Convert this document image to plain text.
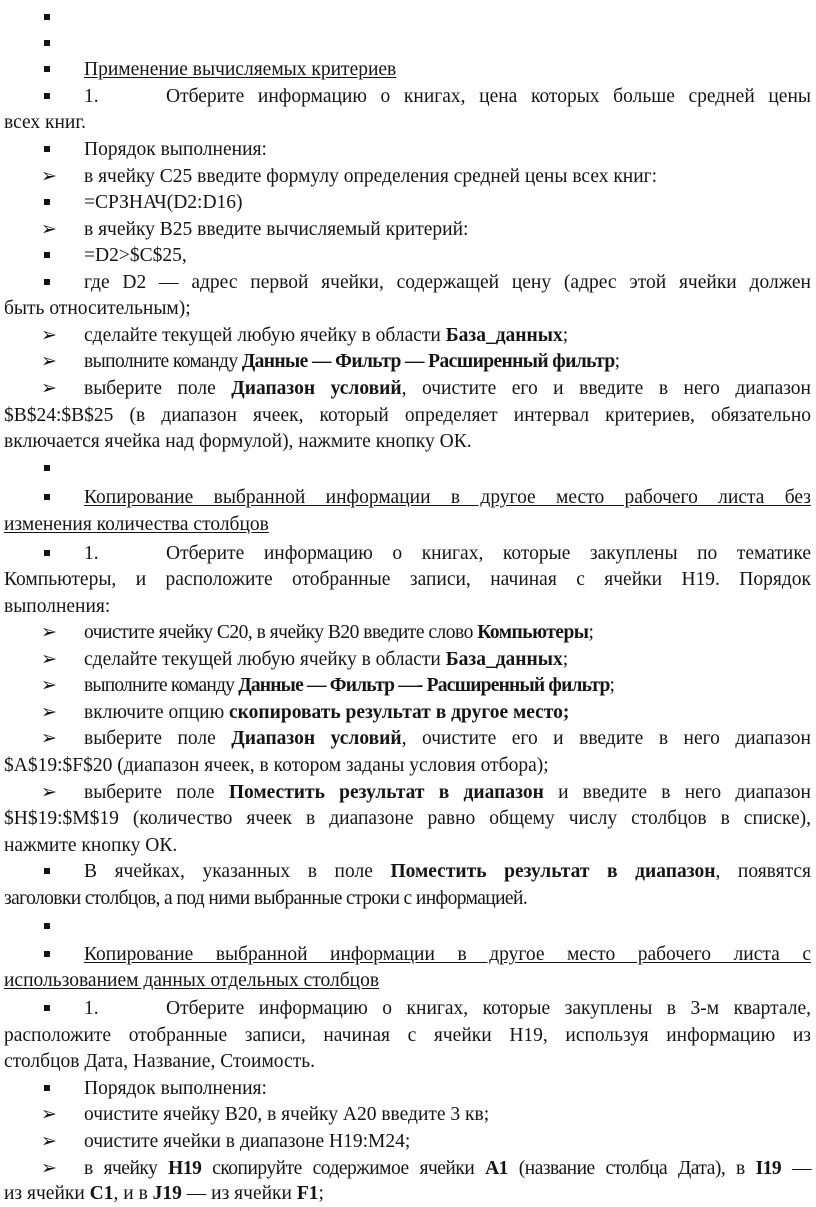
Применение вычисляемых критериев
1.	Отберите информацию о книгах, цена которых больше средней цены
всех книг.
Порядок выполнения:
➢ в ячейку С25 введите формулу определения средней цены всех книг:
=СРЗНАЧ(D2:D16)
➢ в ячейку В25 введите вычисляемый критерий:
=D2>$C$25,
где D2 — адрес первой ячейки, содержащей цену (адрес этой ячейки должен
быть относительным);
➢ сделайте текущей любую ячейку в области База_данных;
➢ выполните команду Данные — Фильтр — Расширенный фильтр;
➢ выберите поле Диапазон условий, очистите его и введите в него диапазон
$B$24:$B$25 (в диапазон ячеек, который определяет интервал критериев, обязательно
включается ячейка над формулой), нажмите кнопку ОК.
Копирование выбранной информации в другое место рабочего листа без
изменения количества столбцов
1.	Отберите информацию о книгах, которые закуплены по тематике
Компьютеры, и расположите отобранные записи, начиная с ячейки Н19. Порядок
выполнения:
➢ очистите ячейку С20, в ячейку В20 введите слово Компьютеры;
➢ сделайте текущей любую ячейку в области База_данных;
➢ выполните команду Данные — Фильтр —- Расширенный фильтр;
➢ включите опцию скопировать результат в другое место;
➢ выберите поле Диапазон условий, очистите его и введите в него диапазон
$A$19:$F$20 (диапазон ячеек, в котором заданы условия отбора);
➢ выберите поле Поместить результат в диапазон и введите в него диапазон
$H$19:$M$19 (количество ячеек в диапазоне равно общему числу столбцов в списке),
нажмите кнопку ОК.
В ячейках, указанных в поле Поместить результат в диапазон, появятся
заголовки столбцов, а под ними выбранные строки с информацией.
Копирование выбранной информации в другое место рабочего листа с
использованием данных отдельных столбцов
1.	Отберите информацию о книгах, которые закуплены в 3-м квартале,
расположите отобранные записи, начиная с ячейки Н19, используя информацию из
столбцов Дата, Название, Стоимость.
Порядок выполнения:
➢ очистите ячейку В20, в ячейку А20 введите 3 кв;
➢ очистите ячейки в диапазоне Н19:М24;
➢ в ячейку H19 скопируйте содержимое ячейки A1 (название столбца Дата), в I19 —
из ячейки C1, и в J19 — из ячейки F1;
